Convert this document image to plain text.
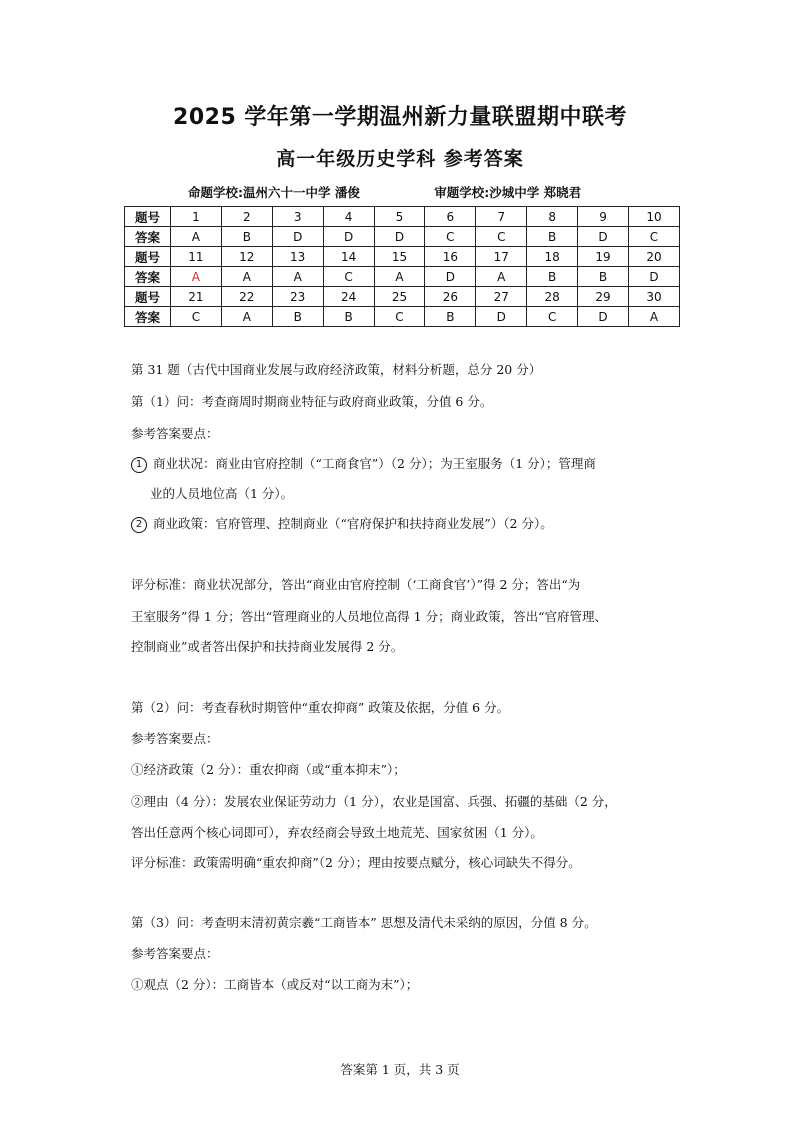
2025 学年第一学期温州新力量联盟期中联考
高一年级历史学科 参考答案
命题学校:温州六十一中学 潘俊	审题学校:沙城中学 郑晓君
题号	1	2	3	4	5	6	7	8	9	10
答案	A	B	D	D	D	C	C	B	D	C
题号	11	12	13	14	15	16	17	18	19	20
答案	A	A	A	C	A	D	A	B	B	D
题号	21	22	23	24	25	26	27	28	29	30
答案	C	A	B	B	C	B	D	C	D	A
第 31 题（古代中国商业发展与政府经济政策，材料分析题，总分 20 分）
第（1）问：考查商周时期商业特征与政府商业政策，分值 6 分。
参考答案要点：
1 商业状况：商业由官府控制（“工商食官”）（2 分）；为王室服务（1 分）；管理商
业的人员地位高（1 分）。
2 商业政策：官府管理、控制商业（“官府保护和扶持商业发展”）（2 分）。
评分标准：商业状况部分，答出“商业由官府控制（‘工商食官’）”得 2 分；答出“为
王室服务”得 1 分；答出“管理商业的人员地位高得 1 分；商业政策，答出“官府管理、
控制商业”或者答出保护和扶持商业发展得 2 分。
第（2）问：考查春秋时期管仲“重农抑商” 政策及依据，分值 6 分。
参考答案要点：
①经济政策（2 分）：重农抑商（或“重本抑末”）；
②理由（4 分）：发展农业保证劳动力（1 分），农业是国富、兵强、拓疆的基础（2 分，
答出任意两个核心词即可），弃农经商会导致土地荒芜、国家贫困（1 分）。
评分标准：政策需明确“重农抑商”（2 分）；理由按要点赋分，核心词缺失不得分。
第（3）问：考查明末清初黄宗羲“工商皆本” 思想及清代未采纳的原因，分值 8 分。
参考答案要点：
①观点（2 分）：工商皆本（或反对“以工商为末”）；
答案第 1 页，共 3 页
